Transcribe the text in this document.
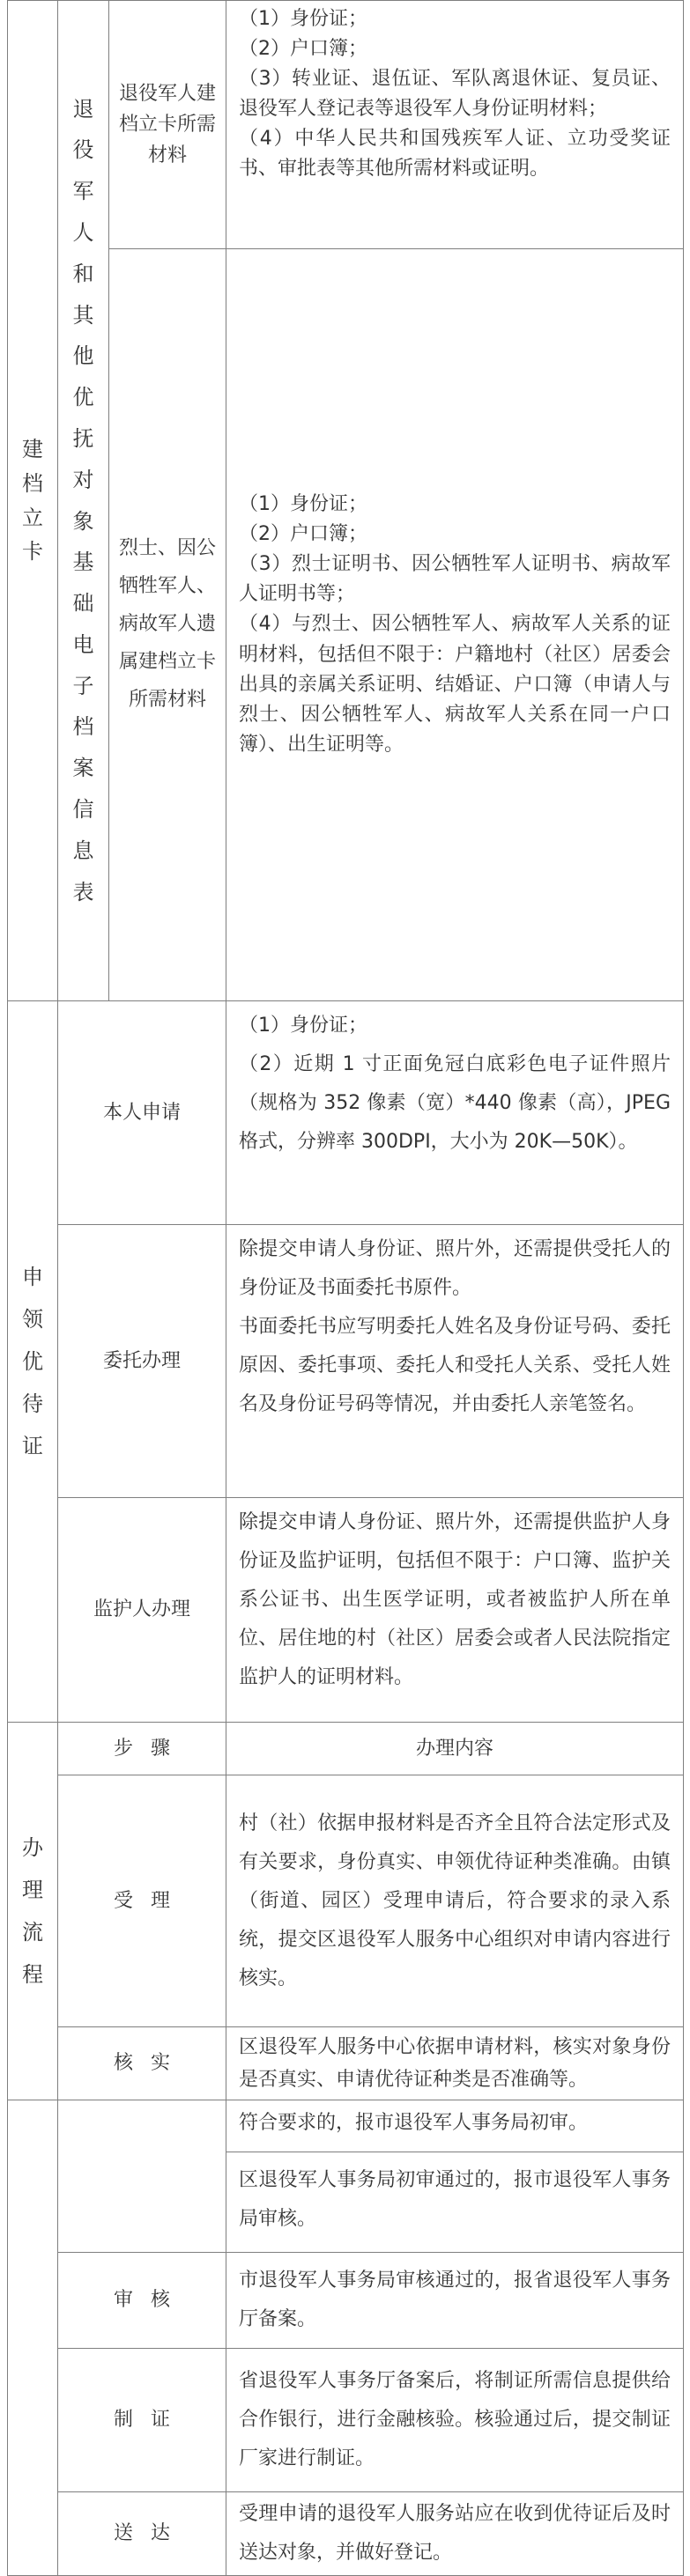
建
档
立
卡
退
役
军
人
和
其
他
优
抚
对
象
基
础
电
子
档
案
信
息
表
退役军人建档立卡所需材料

（1）身份证；

（2）户口簿；

（3）转业证、退伍证、军队离退休证、复员证、退役军人登记表等退役军人身份证明材料；

（4）中华人民共和国残疾军人证、立功受奖证书、审批表等其他所需材料或证明。

烈士、因公牺牲军人、病故军人遗属建档立卡所需材料

（1）身份证；

（2）户口簿；

（3）烈士证明书、因公牺牲军人证明书、病故军人证明书等；

（4）与烈士、因公牺牲军人、病故军人关系的证明材料，包括但不限于：户籍地村（社区）居委会出具的亲属关系证明、结婚证、户口簿（申请人与烈士、因公牺牲军人、病故军人关系在同一户口簿）、出生证明等。

申
领
优
待
证
本人申请

（1）身份证；

（2）近期 1 寸正面免冠白底彩色电子证件照片（规格为 352 像素（宽）*440 像素（高），JPEG 格式，分辨率 300DPI，大小为 20K—50K）。

委托办理

除提交申请人身份证、照片外，还需提供受托人的身份证及书面委托书原件。

书面委托书应写明委托人姓名及身份证号码、委托原因、委托事项、委托人和受托人关系、受托人姓名及身份证号码等情况，并由委托人亲笔签名。

监护人办理

除提交申请人身份证、照片外，还需提供监护人身份证及监护证明，包括但不限于：户口簿、监护关系公证书、出生医学证明，或者被监护人所在单位、居住地的村（社区）居委会或者人民法院指定监护人的证明材料。

办
理
流
程
步骤	办理内容
受理

村（社）依据申报材料是否齐全且符合法定形式及有关要求，身份真实、申领优待证种类准确。由镇（街道、园区）受理申请后，符合要求的录入系统，提交区退役军人服务中心组织对申请内容进行核实。

核实

区退役军人服务中心依据申请材料，核实对象身份是否真实、申请优待证种类是否准确等。

符合要求的，报市退役军人事务局初审。

区退役军人事务局初审通过的，报市退役军人事务局审核。

审核

市退役军人事务局审核通过的，报省退役军人事务厅备案。

制证

省退役军人事务厅备案后，将制证所需信息提供给合作银行，进行金融核验。核验通过后，提交制证厂家进行制证。

送达

受理申请的退役军人服务站应在收到优待证后及时送达对象，并做好登记。
